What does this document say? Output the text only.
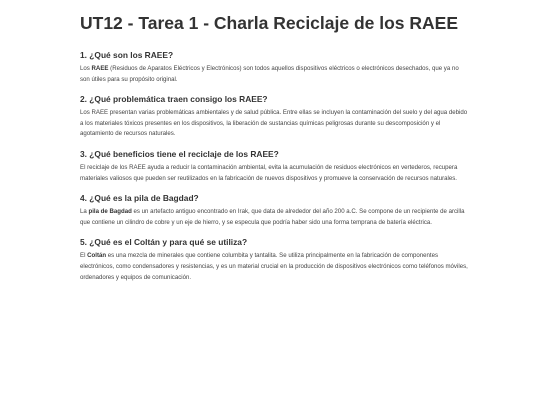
UT12 - Tarea 1 - Charla Reciclaje de los RAEE
1. ¿Qué son los RAEE?

Los RAEE (Residuos de Aparatos Eléctricos y Electrónicos) son todos aquellos dispositivos eléctricos o electrónicos desechados, que ya no son útiles para su propósito original.

2. ¿Qué problemática traen consigo los RAEE?

Los RAEE presentan varias problemáticas ambientales y de salud pública. Entre ellas se incluyen la contaminación del suelo y del agua debido a los materiales tóxicos presentes en los dispositivos, la liberación de sustancias químicas peligrosas durante su descomposición y el agotamiento de recursos naturales.

3. ¿Qué beneficios tiene el reciclaje de los RAEE?

El reciclaje de los RAEE ayuda a reducir la contaminación ambiental, evita la acumulación de residuos electrónicos en vertederos, recupera materiales valiosos que pueden ser reutilizados en la fabricación de nuevos dispositivos y promueve la conservación de recursos naturales.

4. ¿Qué es la pila de Bagdad?

La pila de Bagdad es un artefacto antiguo encontrado en Irak, que data de alrededor del año 200 a.C. Se compone de un recipiente de arcilla que contiene un cilindro de cobre y un eje de hierro, y se especula que podría haber sido una forma temprana de batería eléctrica.

5. ¿Qué es el Coltán y para qué se utiliza?

El Coltán es una mezcla de minerales que contiene columbita y tantalita. Se utiliza principalmente en la fabricación de componentes electrónicos, como condensadores y resistencias, y es un material crucial en la producción de dispositivos electrónicos como teléfonos móviles, ordenadores y equipos de comunicación.
